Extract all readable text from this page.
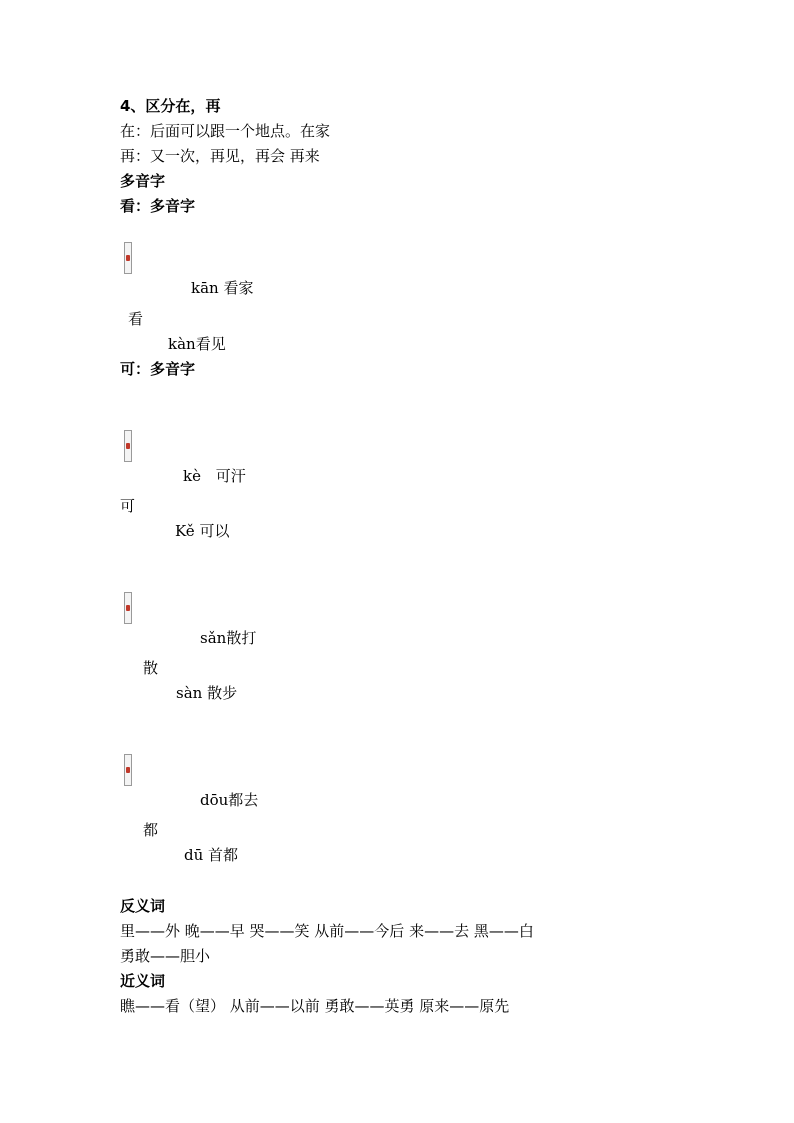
4、区分在，再
在：后面可以跟一个地点。在家
再：又一次，再见，再会 再来
多音字
看：多音字
kān 看家
看
kàn看见
可：多音字
kè 可汗
可
Kě 可以
sǎn散打
散
sàn 散步
dōu都去
都
dū 首都
反义词
里——外 晚——早 哭——笑 从前——今后 来——去 黑——白
勇敢——胆小
近义词
瞧——看（望） 从前——以前 勇敢——英勇 原来——原先
